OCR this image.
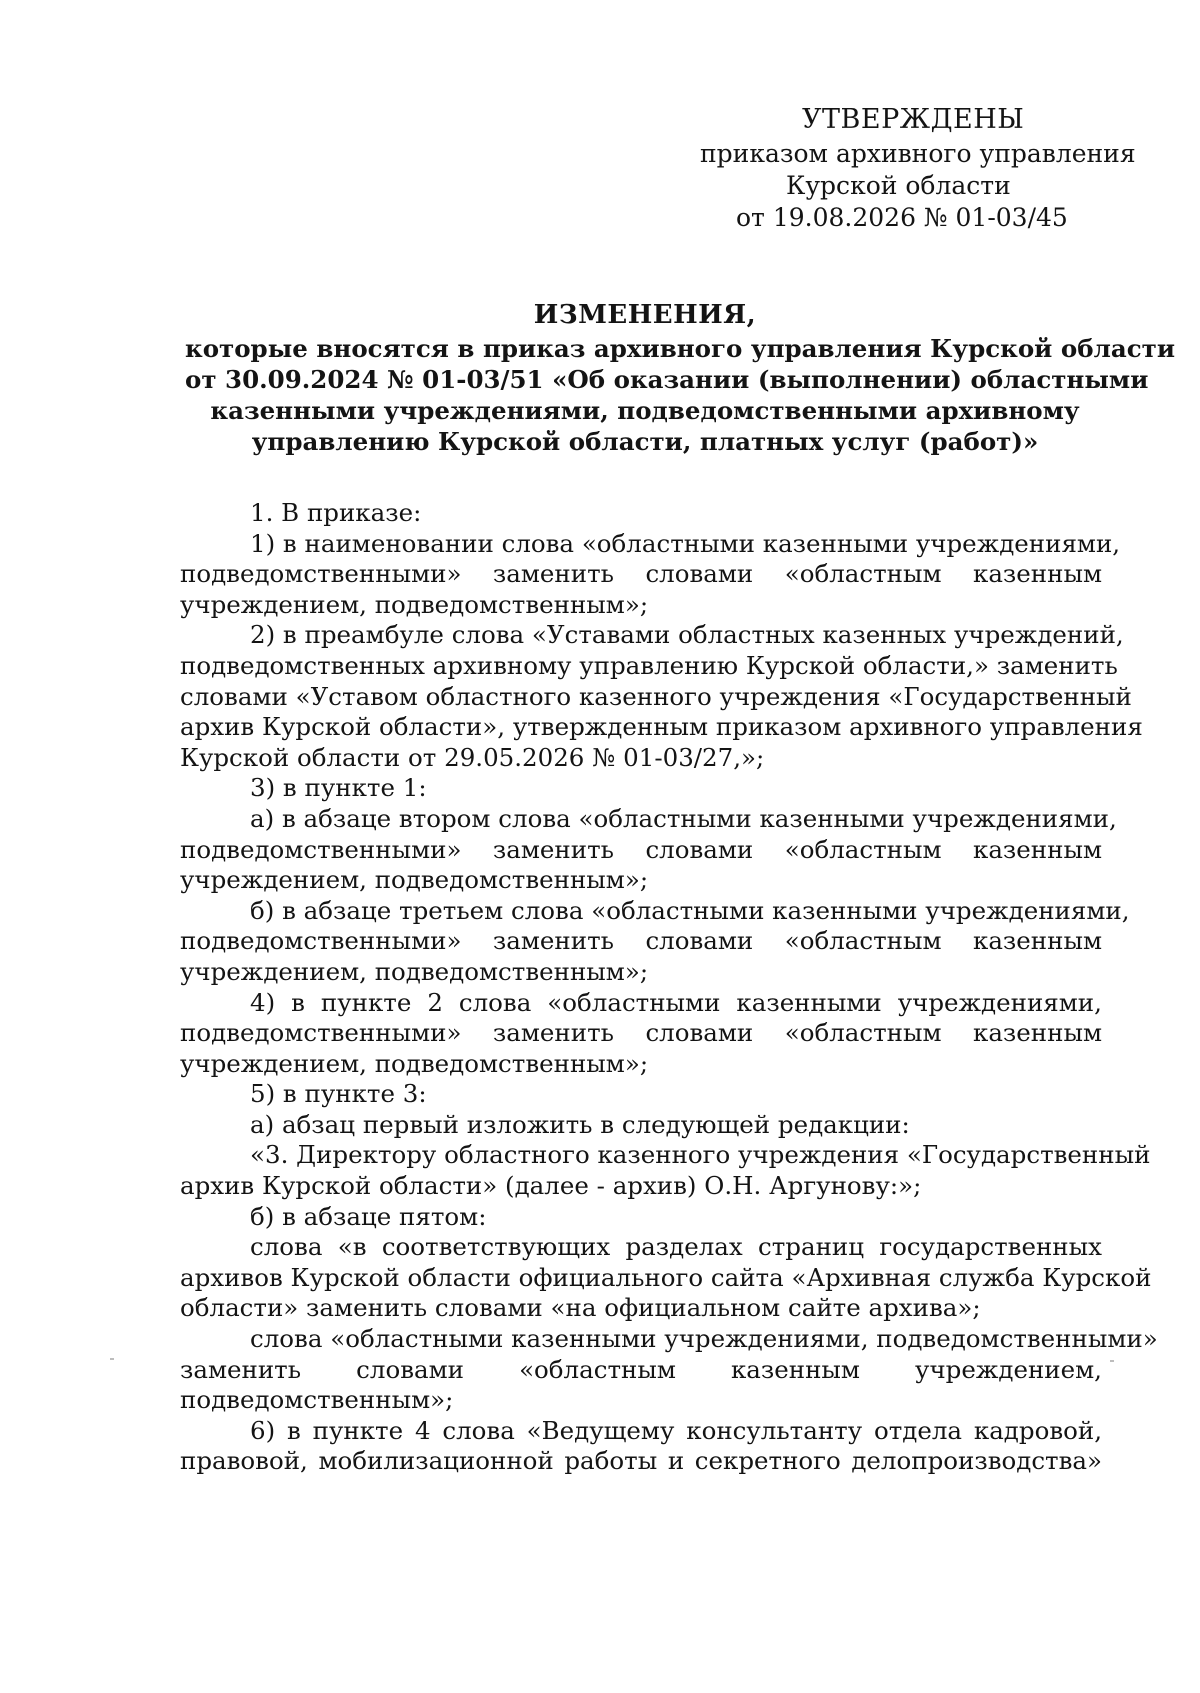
УТВЕРЖДЕНЫ
приказом архивного управления
Курской области
от 19.08.2026 № 01-03/45
ИЗМЕНЕНИЯ,
которые вносятся в приказ архивного управления Курской области
от 30.09.2024 № 01-03/51 «Об оказании (выполнении) областными
казенными учреждениями, подведомственными архивному
управлению Курской области, платных услуг (работ)»
1. В приказе:
1) в наименовании слова «областными казенными учреждениями,
подведомственными» заменить словами «областным казенным
учреждением, подведомственным»;
2) в преамбуле слова «Уставами областных казенных учреждений,
подведомственных архивному управлению Курской области,» заменить
словами «Уставом областного казенного учреждения «Государственный
архив Курской области», утвержденным приказом архивного управления
Курской области от 29.05.2026 № 01-03/27,»;
3) в пункте 1:
а) в абзаце втором слова «областными казенными учреждениями,
подведомственными» заменить словами «областным казенным
учреждением, подведомственным»;
б) в абзаце третьем слова «областными казенными учреждениями,
подведомственными» заменить словами «областным казенным
учреждением, подведомственным»;
4) в пункте 2 слова «областными казенными учреждениями,
подведомственными» заменить словами «областным казенным
учреждением, подведомственным»;
5) в пункте 3:
а) абзац первый изложить в следующей редакции:
«3. Директору областного казенного учреждения «Государственный
архив Курской области» (далее - архив) О.Н. Аргунову:»;
б) в абзаце пятом:
слова «в соответствующих разделах страниц государственных
архивов Курской области официального сайта «Архивная служба Курской
области» заменить словами «на официальном сайте архива»;
слова «областными казенными учреждениями, подведомственными»
заменить словами «областным казенным учреждением,
подведомственным»;
6) в пункте 4 слова «Ведущему консультанту отдела кадровой,
правовой, мобилизационной работы и секретного делопроизводства»
